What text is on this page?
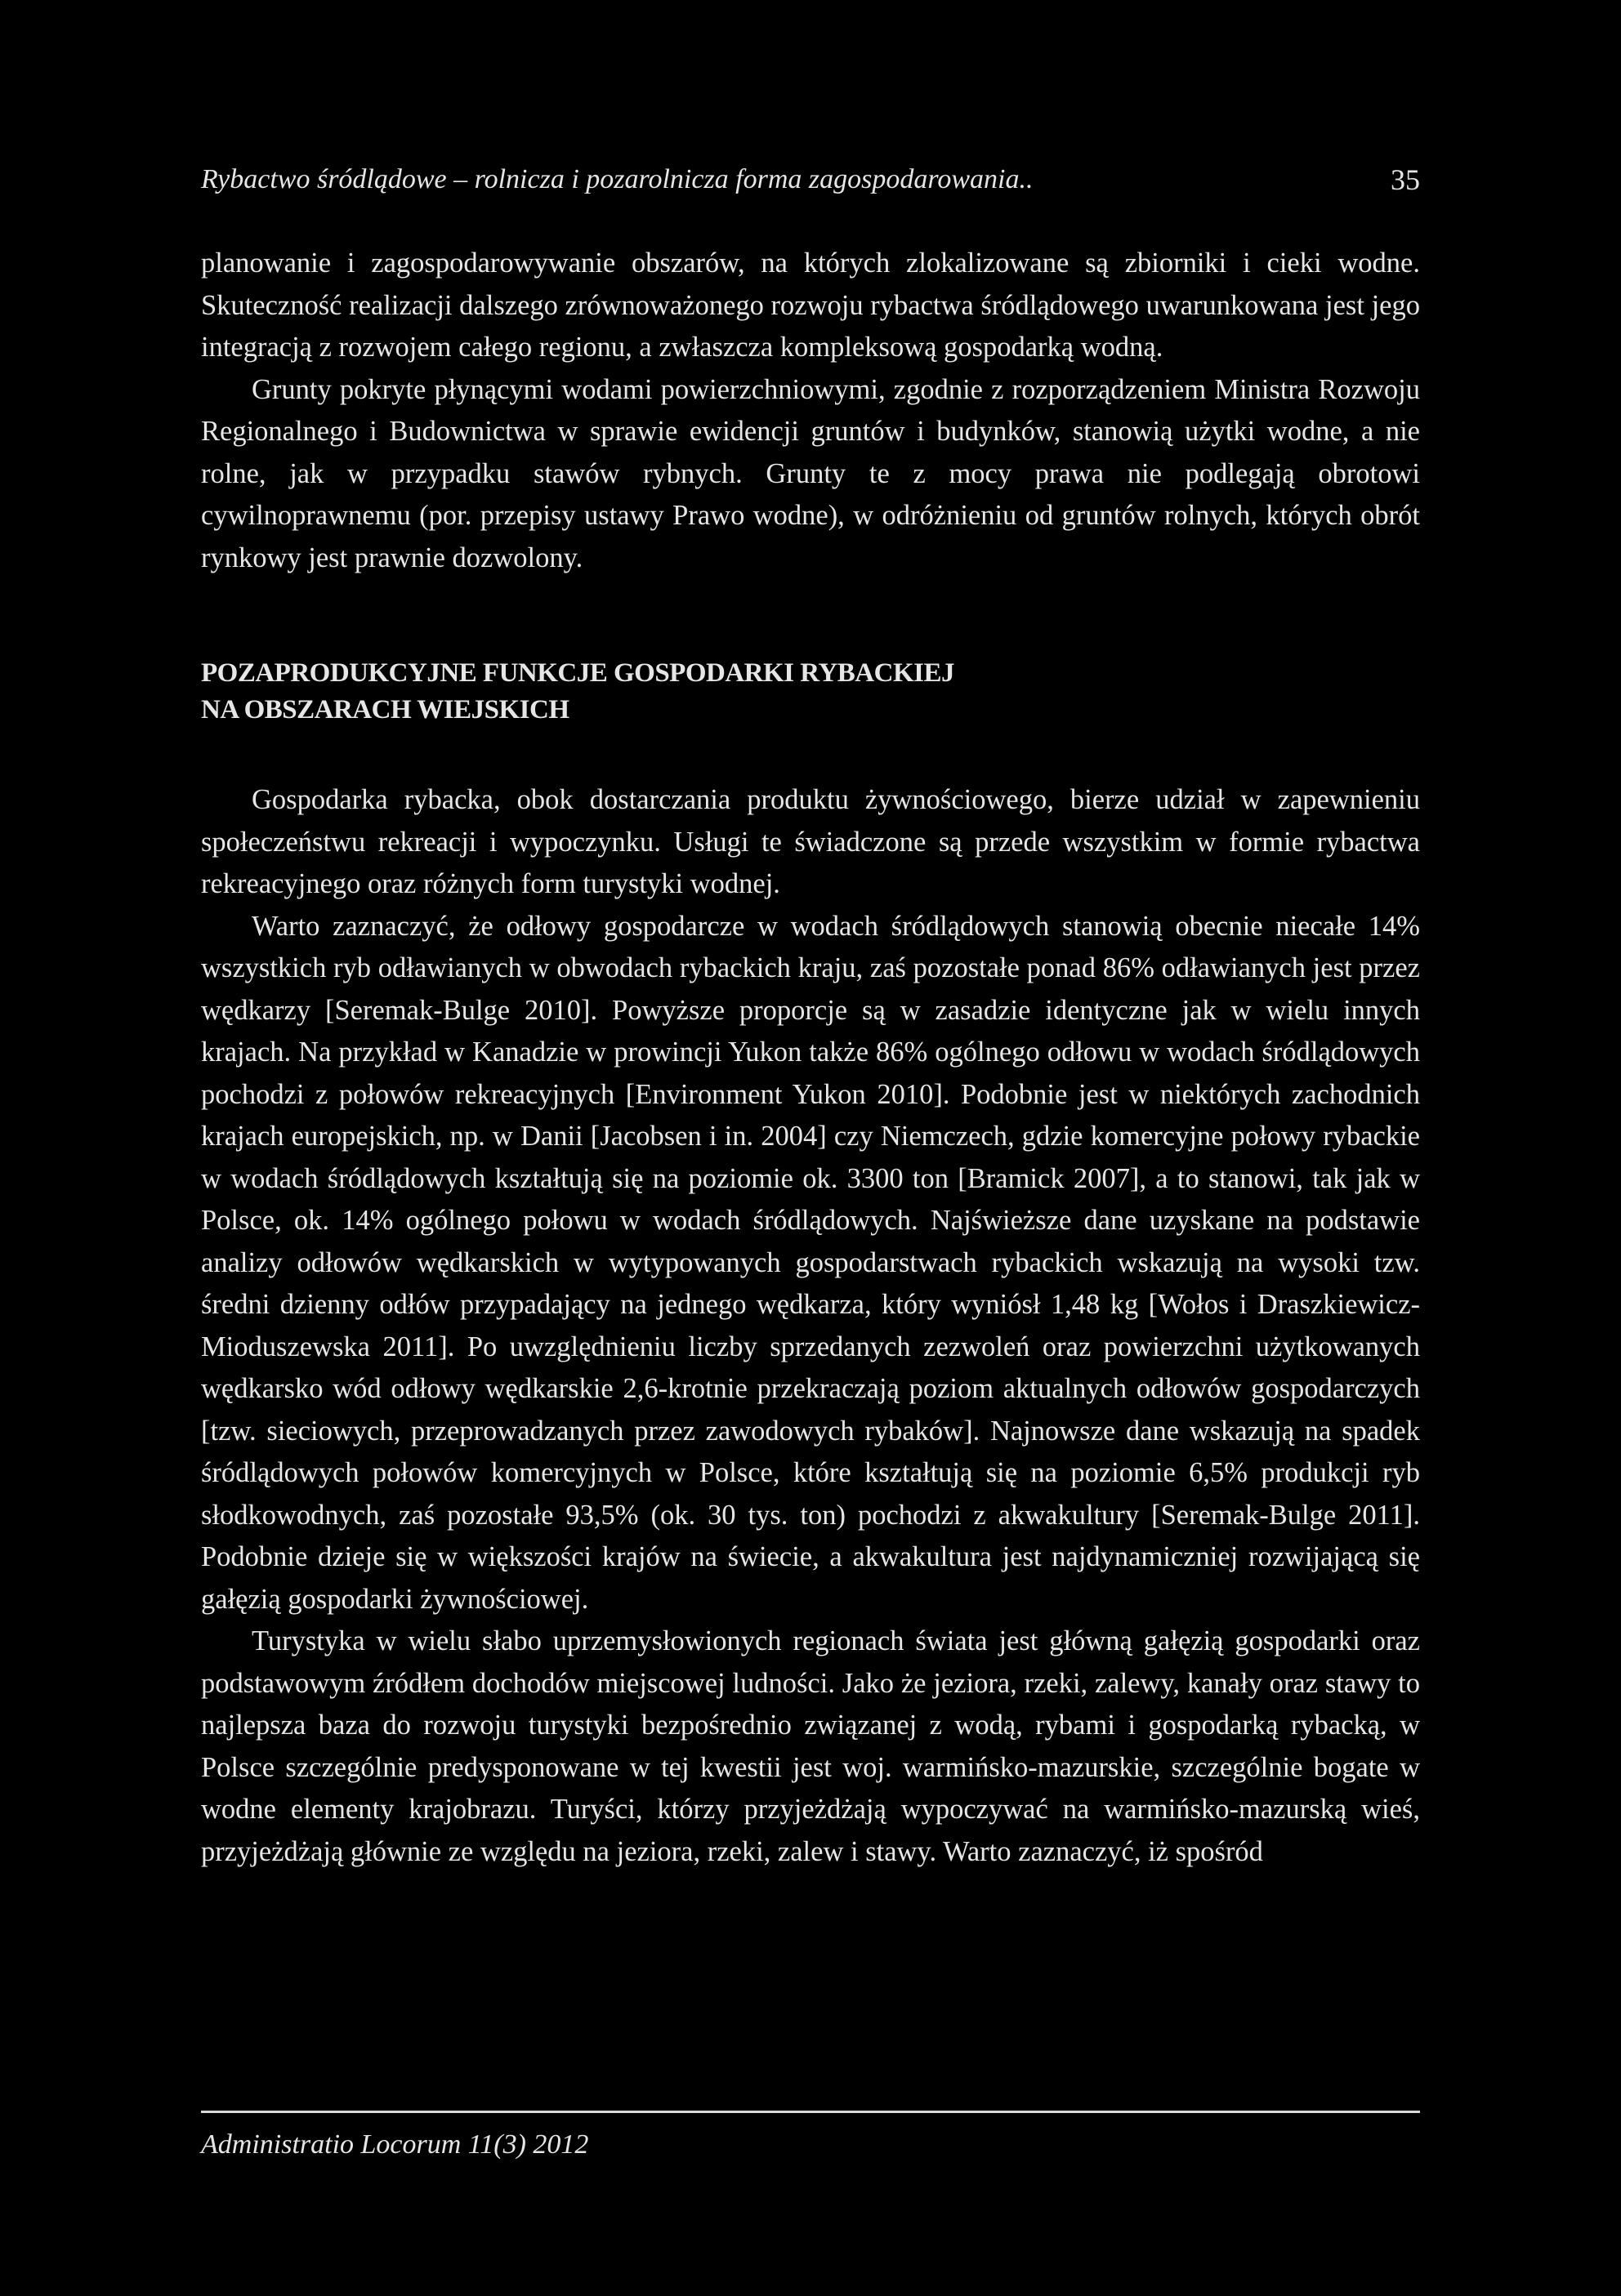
Rybactwo śródlądowe – rolnicza i pozarolnicza forma zagospodarowania..	35

planowanie i zagospodarowywanie obszarów, na których zlokalizowane są zbiorniki i cieki wodne. Skuteczność realizacji dalszego zrównoważonego rozwoju rybactwa śródlądowego uwarunkowana jest jego integracją z rozwojem całego regionu, a zwłaszcza kompleksową gospodarką wodną.

Grunty pokryte płynącymi wodami powierzchniowymi, zgodnie z rozporządzeniem Ministra Rozwoju Regionalnego i Budownictwa w sprawie ewidencji gruntów i budynków, stanowią użytki wodne, a nie rolne, jak w przypadku stawów rybnych. Grunty te z mocy prawa nie podlegają obrotowi cywilnoprawnemu (por. przepisy ustawy Prawo wodne), w odróżnieniu od gruntów rolnych, których obrót rynkowy jest prawnie dozwolony.

POZAPRODUKCYJNE FUNKCJE GOSPODARKI RYBACKIEJ
NA OBSZARACH WIEJSKICH

Gospodarka rybacka, obok dostarczania produktu żywnościowego, bierze udział w zapewnieniu społeczeństwu rekreacji i wypoczynku. Usługi te świadczone są przede wszystkim w formie rybactwa rekreacyjnego oraz różnych form turystyki wodnej.

Warto zaznaczyć, że odłowy gospodarcze w wodach śródlądowych stanowią obecnie niecałe 14% wszystkich ryb odławianych w obwodach rybackich kraju, zaś pozostałe ponad 86% odławianych jest przez wędkarzy [Seremak-Bulge 2010]. Powyższe proporcje są w zasadzie identyczne jak w wielu innych krajach. Na przykład w Kanadzie w prowincji Yukon także 86% ogólnego odłowu w wodach śródlądowych pochodzi z połowów rekreacyjnych [Environment Yukon 2010]. Podobnie jest w niektórych zachodnich krajach europejskich, np. w Danii [Jacobsen i in. 2004] czy Niemczech, gdzie komercyjne połowy rybackie w wodach śródlądowych kształtują się na poziomie ok. 3300 ton [Bramick 2007], a to stanowi, tak jak w Polsce, ok. 14% ogólnego połowu w wodach śródlądowych. Najświeższe dane uzyskane na podstawie analizy odłowów wędkarskich w wytypowanych gospodarstwach rybackich wskazują na wysoki tzw. średni dzienny odłów przypadający na jednego wędkarza, który wyniósł 1,48 kg [Wołos i Draszkiewicz-Mioduszewska 2011]. Po uwzględnieniu liczby sprzedanych zezwoleń oraz powierzchni użytkowanych wędkarsko wód odłowy wędkarskie 2,6-krotnie przekraczają poziom aktualnych odłowów gospodarczych [tzw. sieciowych, przeprowadzanych przez zawodowych rybaków]. Najnowsze dane wskazują na spadek śródlądowych połowów komercyjnych w Polsce, które kształtują się na poziomie 6,5% produkcji ryb słodkowodnych, zaś pozostałe 93,5% (ok. 30 tys. ton) pochodzi z akwakultury [Seremak-Bulge 2011]. Podobnie dzieje się w większości krajów na świecie, a akwakultura jest najdynamiczniej rozwijającą się gałęzią gospodarki żywnościowej.

Turystyka w wielu słabo uprzemysłowionych regionach świata jest główną gałęzią gospodarki oraz podstawowym źródłem dochodów miejscowej ludności. Jako że jeziora, rzeki, zalewy, kanały oraz stawy to najlepsza baza do rozwoju turystyki bezpośrednio związanej z wodą, rybami i gospodarką rybacką, w Polsce szczególnie predysponowane w tej kwestii jest woj. warmińsko-mazurskie, szczególnie bogate w wodne elementy krajobrazu. Turyści, którzy przyjeżdżają wypoczywać na warmińsko-mazurską wieś, przyjeżdżają głównie ze względu na jeziora, rzeki, zalew i stawy. Warto zaznaczyć, iż spośród

Administratio Locorum 11(3) 2012
